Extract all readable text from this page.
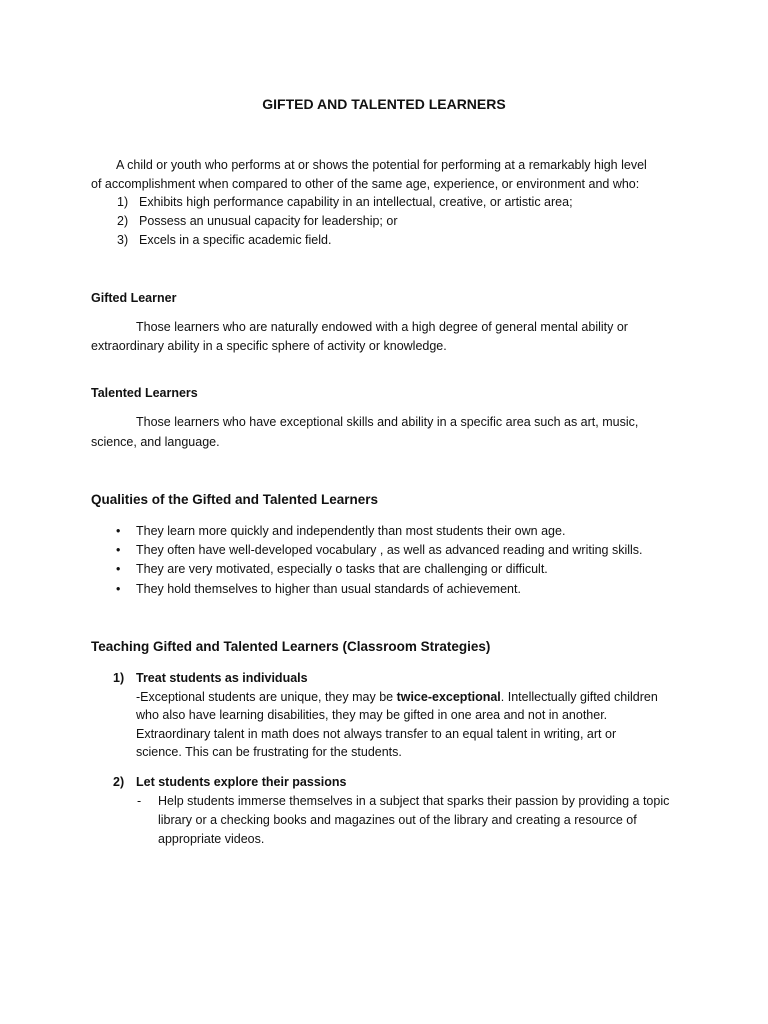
GIFTED AND TALENTED LEARNERS
A child or youth who performs at or shows the potential for performing at a remarkably high level
of accomplishment when compared to other of the same age, experience, or environment and who:
1) Exhibits high performance capability in an intellectual, creative, or artistic area;
2) Possess an unusual capacity for leadership; or
3) Excels in a specific academic field.
Gifted Learner
Those learners who are naturally endowed with a high degree of general mental ability or
extraordinary ability in a specific sphere of activity or knowledge.
Talented Learners
Those learners who have exceptional skills and ability in a specific area such as art, music,
science, and language.
Qualities of the Gifted and Talented Learners
• They learn more quickly and independently than most students their own age.
• They often have well-developed vocabulary , as well as advanced reading and writing skills.
• They are very motivated, especially o tasks that are challenging or difficult.
• They hold themselves to higher than usual standards of achievement.
Teaching Gifted and Talented Learners (Classroom Strategies)
1) Treat students as individuals
-Exceptional students are unique, they may be twice-exceptional. Intellectually gifted children
who also have learning disabilities, they may be gifted in one area and not in another.
Extraordinary talent in math does not always transfer to an equal talent in writing, art or
science. This can be frustrating for the students.
2) Let students explore their passions
- Help students immerse themselves in a subject that sparks their passion by providing a topic
library or a checking books and magazines out of the library and creating a resource of
appropriate videos.
